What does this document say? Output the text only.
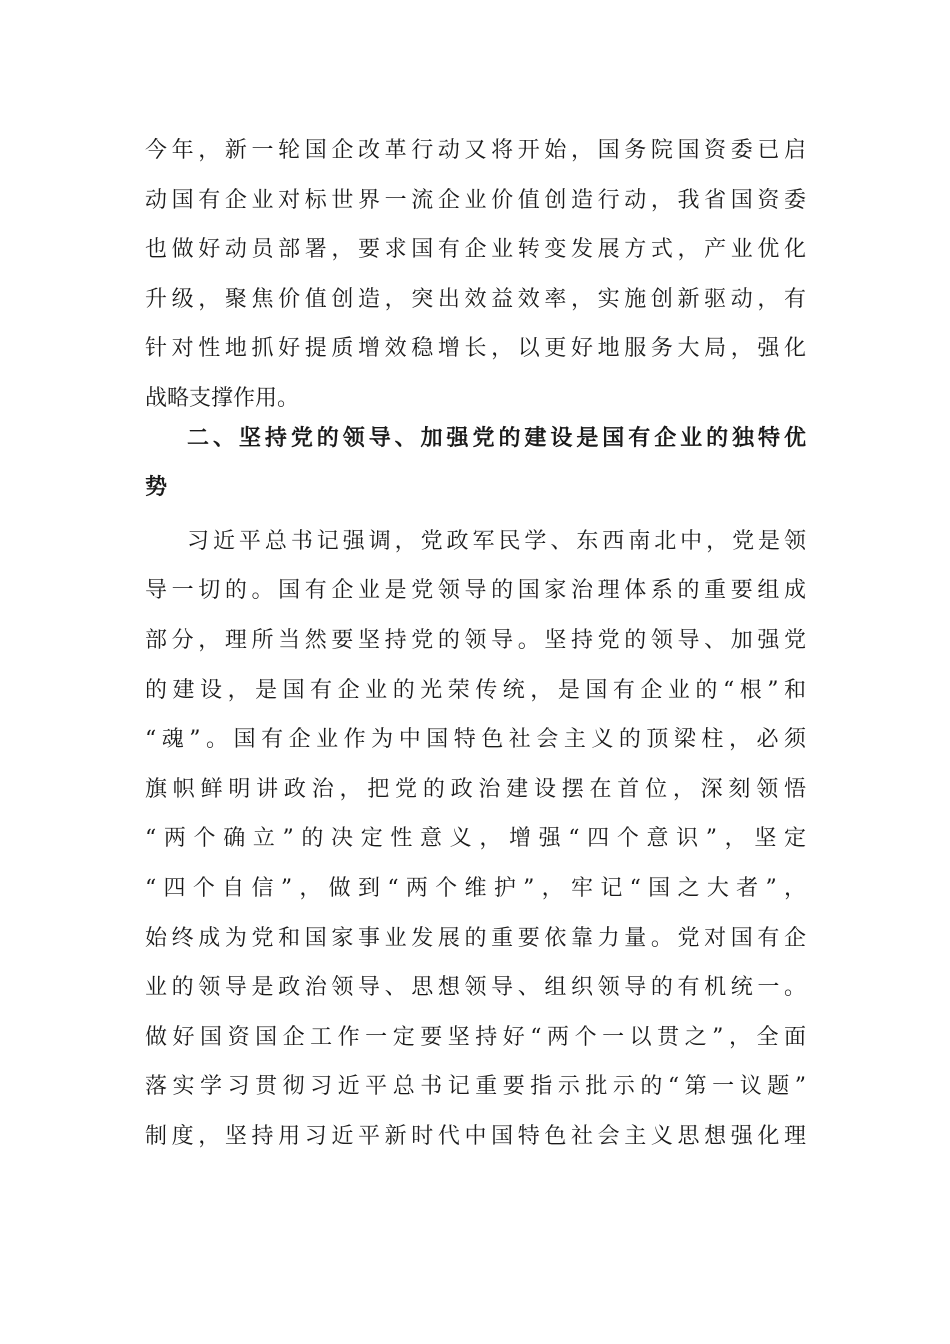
今年，新一轮国企改革行动又将开始，国务院国资委已启
动国有企业对标世界一流企业价值创造行动，我省国资委
也做好动员部署，要求国有企业转变发展方式，产业优化
升级，聚焦价值创造，突出效益效率，实施创新驱动，有
针对性地抓好提质增效稳增长，以更好地服务大局，强化
战略支撑作用。
二、坚持党的领导、加强党的建设是国有企业的独特优
势
习近平总书记强调，党政军民学、东西南北中，党是领
导一切的。国有企业是党领导的国家治理体系的重要组成
部分，理所当然要坚持党的领导。坚持党的领导、加强党
的建设，是国有企业的光荣传统，是国有企业的“根”和
“魂”。国有企业作为中国特色社会主义的顶梁柱，必须
旗帜鲜明讲政治，把党的政治建设摆在首位，深刻领悟
“两个确立”的决定性意义，增强“四个意识”，坚定
“四个自信”，做到“两个维护”，牢记“国之大者”，
始终成为党和国家事业发展的重要依靠力量。党对国有企
业的领导是政治领导、思想领导、组织领导的有机统一。
做好国资国企工作一定要坚持好“两个一以贯之”，全面
落实学习贯彻习近平总书记重要指示批示的“第一议题”
制度，坚持用习近平新时代中国特色社会主义思想强化理
